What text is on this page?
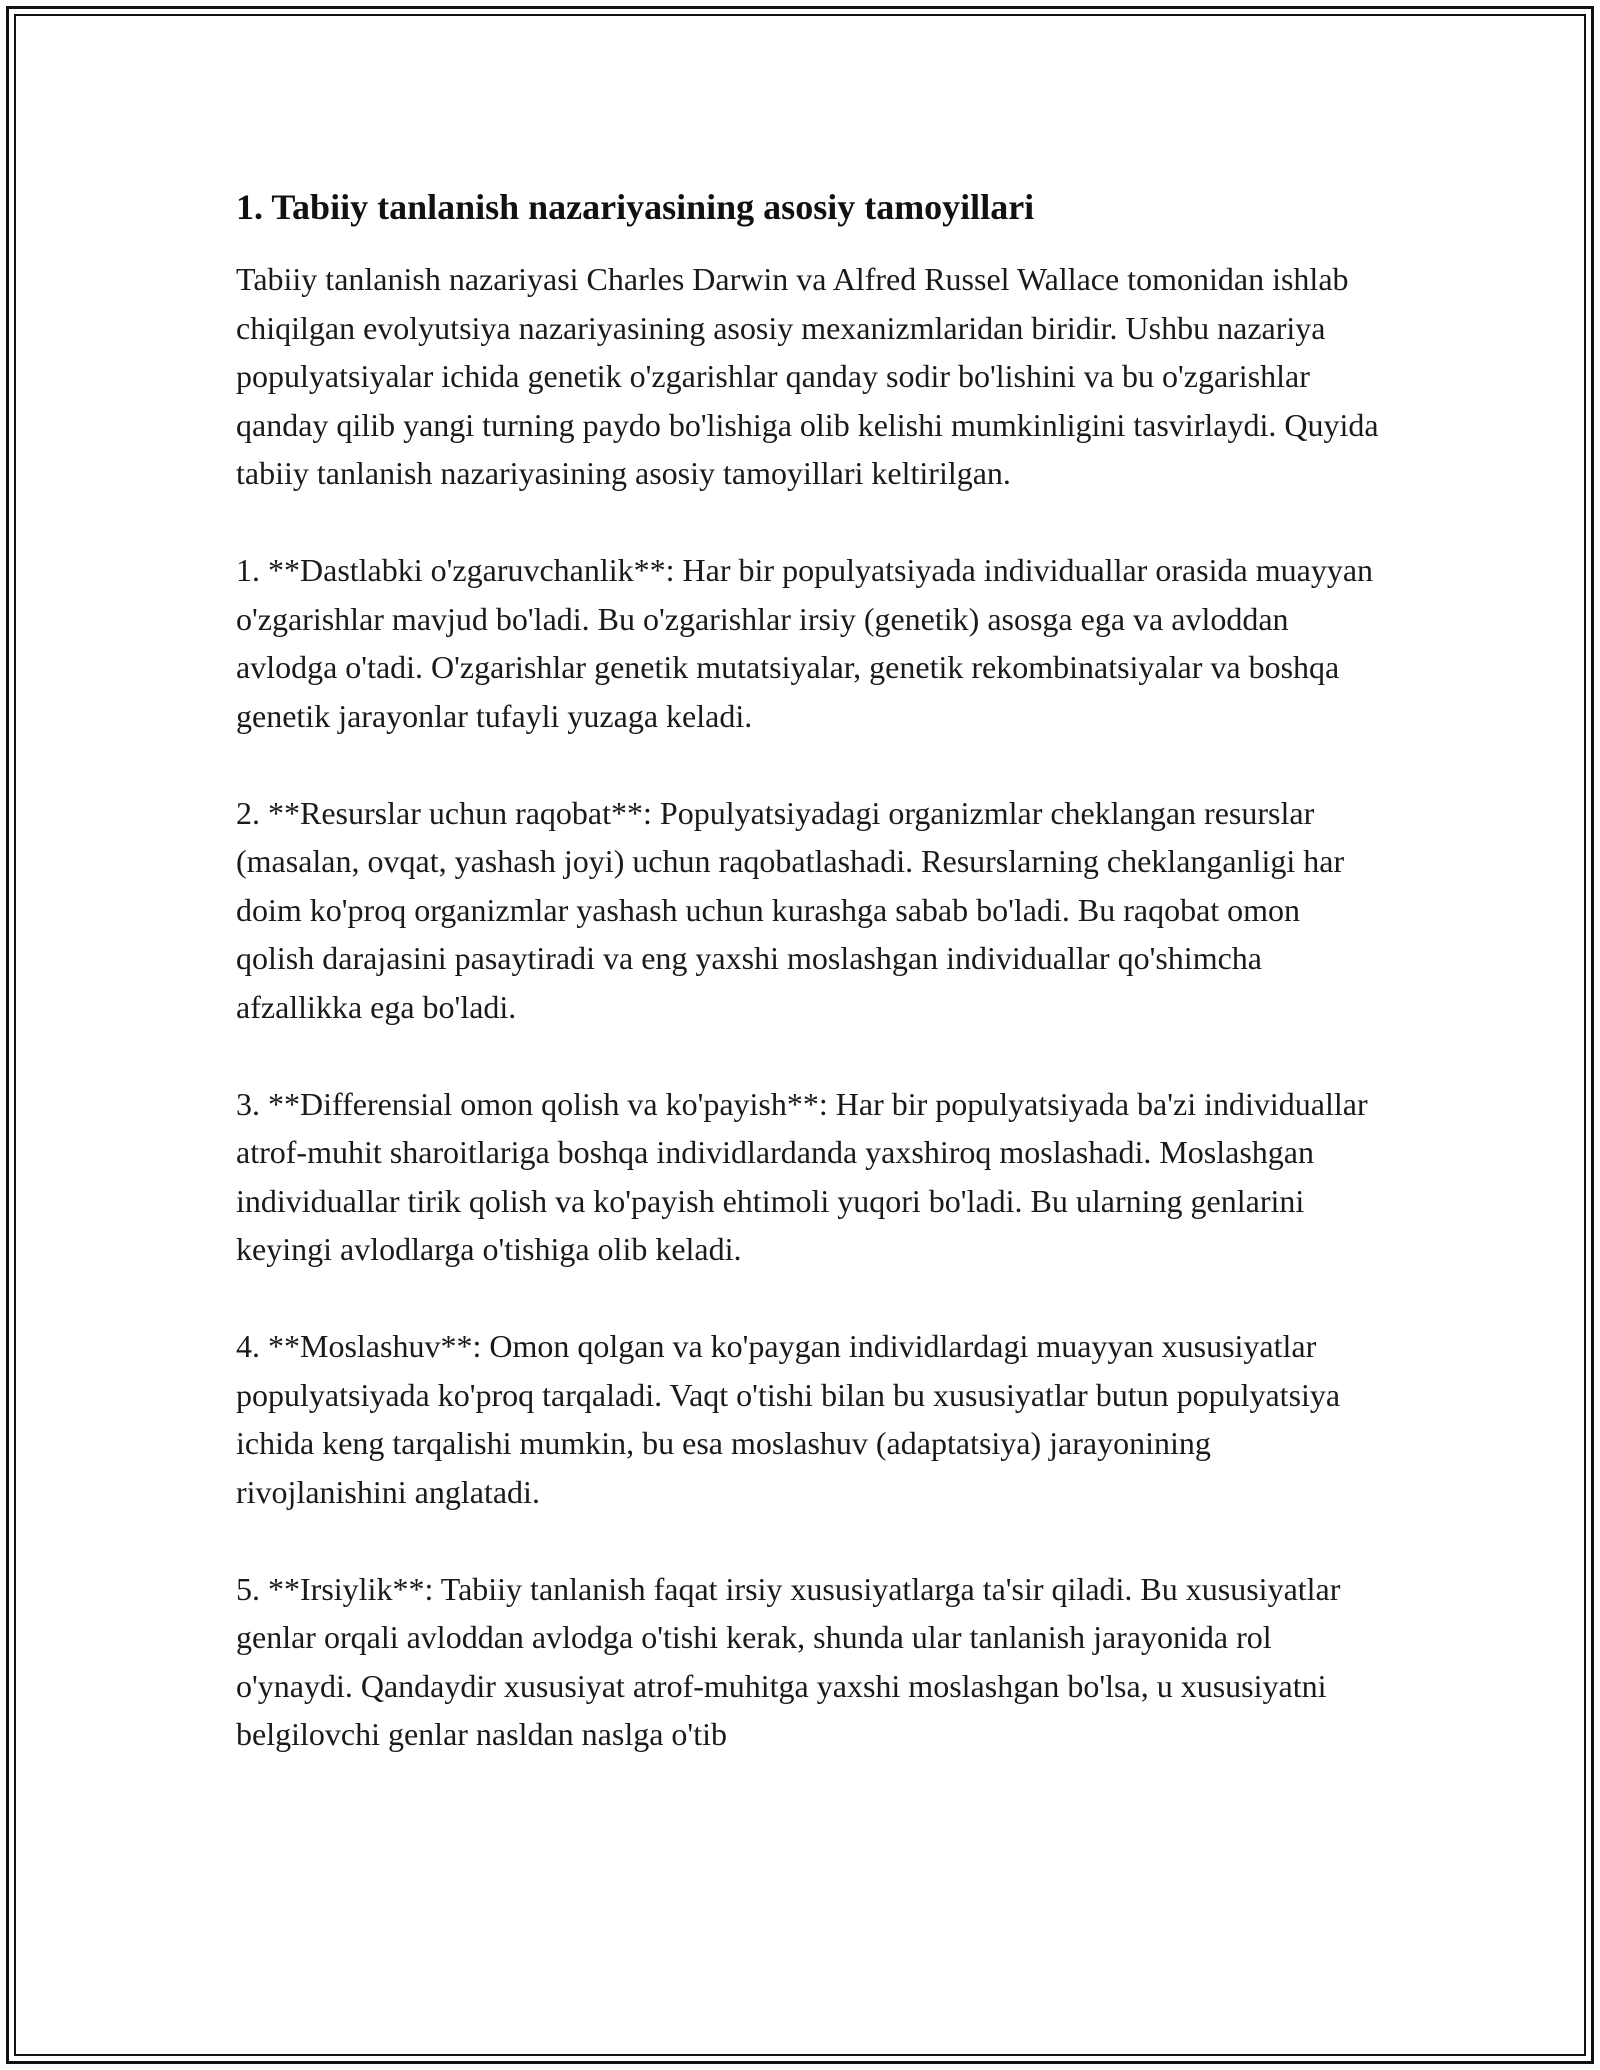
1. Tabiiy tanlanish nazariyasining asosiy tamoyillari

Tabiiy tanlanish nazariyasi Charles Darwin va Alfred Russel Wallace tomonidan ishlab chiqilgan evolyutsiya nazariyasining asosiy mexanizmlaridan biridir. Ushbu nazariya populyatsiyalar ichida genetik o'zgarishlar qanday sodir bo'lishini va bu o'zgarishlar qanday qilib yangi turning paydo bo'lishiga olib kelishi mumkinligini tasvirlaydi. Quyida tabiiy tanlanish nazariyasining asosiy tamoyillari keltirilgan.

1. **Dastlabki o'zgaruvchanlik**: Har bir populyatsiyada individuallar orasida muayyan o'zgarishlar mavjud bo'ladi. Bu o'zgarishlar irsiy (genetik) asosga ega va avloddan avlodga o'tadi. O'zgarishlar genetik mutatsiyalar, genetik rekombinatsiyalar va boshqa genetik jarayonlar tufayli yuzaga keladi.

2. **Resurslar uchun raqobat**: Populyatsiyadagi organizmlar cheklangan resurslar (masalan, ovqat, yashash joyi) uchun raqobatlashadi. Resurslarning cheklanganligi har doim ko'proq organizmlar yashash uchun kurashga sabab bo'ladi. Bu raqobat omon qolish darajasini pasaytiradi va eng yaxshi moslashgan individuallar qo'shimcha afzallikka ega bo'ladi.

3. **Differensial omon qolish va ko'payish**: Har bir populyatsiyada ba'zi individuallar atrof-muhit sharoitlariga boshqa individlardanda yaxshiroq moslashadi. Moslashgan individuallar tirik qolish va ko'payish ehtimoli yuqori bo'ladi. Bu ularning genlarini keyingi avlodlarga o'tishiga olib keladi.

4. **Moslashuv**: Omon qolgan va ko'paygan individlardagi muayyan xususiyatlar populyatsiyada ko'proq tarqaladi. Vaqt o'tishi bilan bu xususiyatlar butun populyatsiya ichida keng tarqalishi mumkin, bu esa moslashuv (adaptatsiya) jarayonining rivojlanishini anglatadi.

5. **Irsiylik**: Tabiiy tanlanish faqat irsiy xususiyatlarga ta'sir qiladi. Bu xususiyatlar genlar orqali avloddan avlodga o'tishi kerak, shunda ular tanlanish jarayonida rol o'ynaydi. Qandaydir xususiyat atrof-muhitga yaxshi moslashgan bo'lsa, u xususiyatni belgilovchi genlar nasldan naslga o'tib
